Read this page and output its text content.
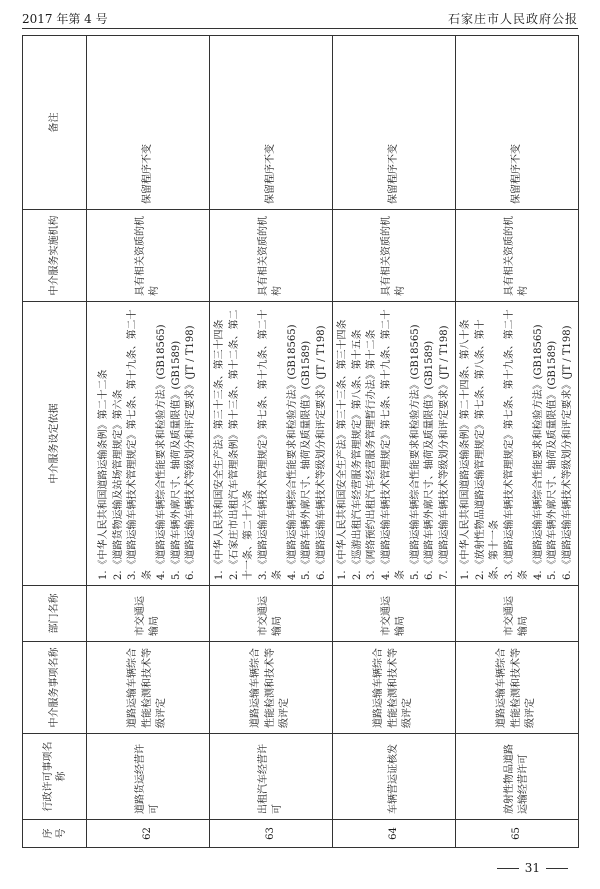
2017 年第 4 号	石家庄市人民政府公报
序号
行政许可事项名称
中介服务事项名称
部门名称
中介服务设定依据
中介服务实施机构
备注
62
道路货运经营许可
道路运输车辆综合性能检测和技术等级评定
市交通运输局
1.《中华人民共和国道路运输条例》第二十二条
2.《道路货物运输及站场管理规定》第六条
3.《道路运输车辆技术管理规定》第七条、第十九条、第二十条 4.《道路运输车辆综合性能要求和检验方法》(GB18565)
5.《道路车辆外廓尺寸、轴荷及质量限值》(GB1589)
6.《道路运输车辆技术等级划分和评定要求》(JT / T198)
具有相关资质的机构
保留程序不变
63
出租汽车经营许可
道路运输车辆综合性能检测和技术等级评定
市交通运输局
1.《中华人民共和国安全生产法》第三十三条、第三十四条
2.《石家庄市出租汽车管理条例》第十三条、第十二条、第二十一条、第二十六条 3.《道路运输车辆技术管理规定》第七条、第十九条、第二十条 4.《道路运输车辆综合性能要求和检验方法》(GB18565)
5.《道路车辆外廓尺寸、轴荷及质量限值》(GB1589)
6.《道路运输车辆技术等级划分和评定要求》(JT / T198)
具有相关资质的机构
保留程序不变
64
车辆营运证核发
道路运输车辆综合性能检测和技术等级评定
市交通运输局
1.《中华人民共和国安全生产法》第三十三条、第三十四条
2.《巡游出租汽车经营服务管理规定》第八条、第十五条
3.《网络预约出租汽车经营服务管理暂行办法》第十二条
4.《道路运输车辆技术管理规定》第七条、第十九条、第二十条 5.《道路运输车辆综合性能要求和检验方法》(GB18565)
6.《道路车辆外廓尺寸、轴荷及质量限值》(GB1589)
7.《道路运输车辆技术等级划分和评定要求》(JT / T198)
具有相关资质的机构
保留程序不变
65
放射性物品道路运输经营许可
道路运输车辆综合性能检测和技术等级评定
市交通运输局
1.《中华人民共和国道路运输条例》第二十四条、第八十条
2.《放射性物品道路运输管理规定》第七条、第八条、第十条、第十一条 3.《道路运输车辆技术管理规定》第七条、第十九条、第二十条 4.《道路运输车辆综合性能要求和检验方法》(GB18565)
5.《道路车辆外廓尺寸、轴荷及质量限值》(GB1589)
6.《道路运输车辆技术等级划分和评定要求》(JT / T198)
具有相关资质的机构
保留程序不变
31
